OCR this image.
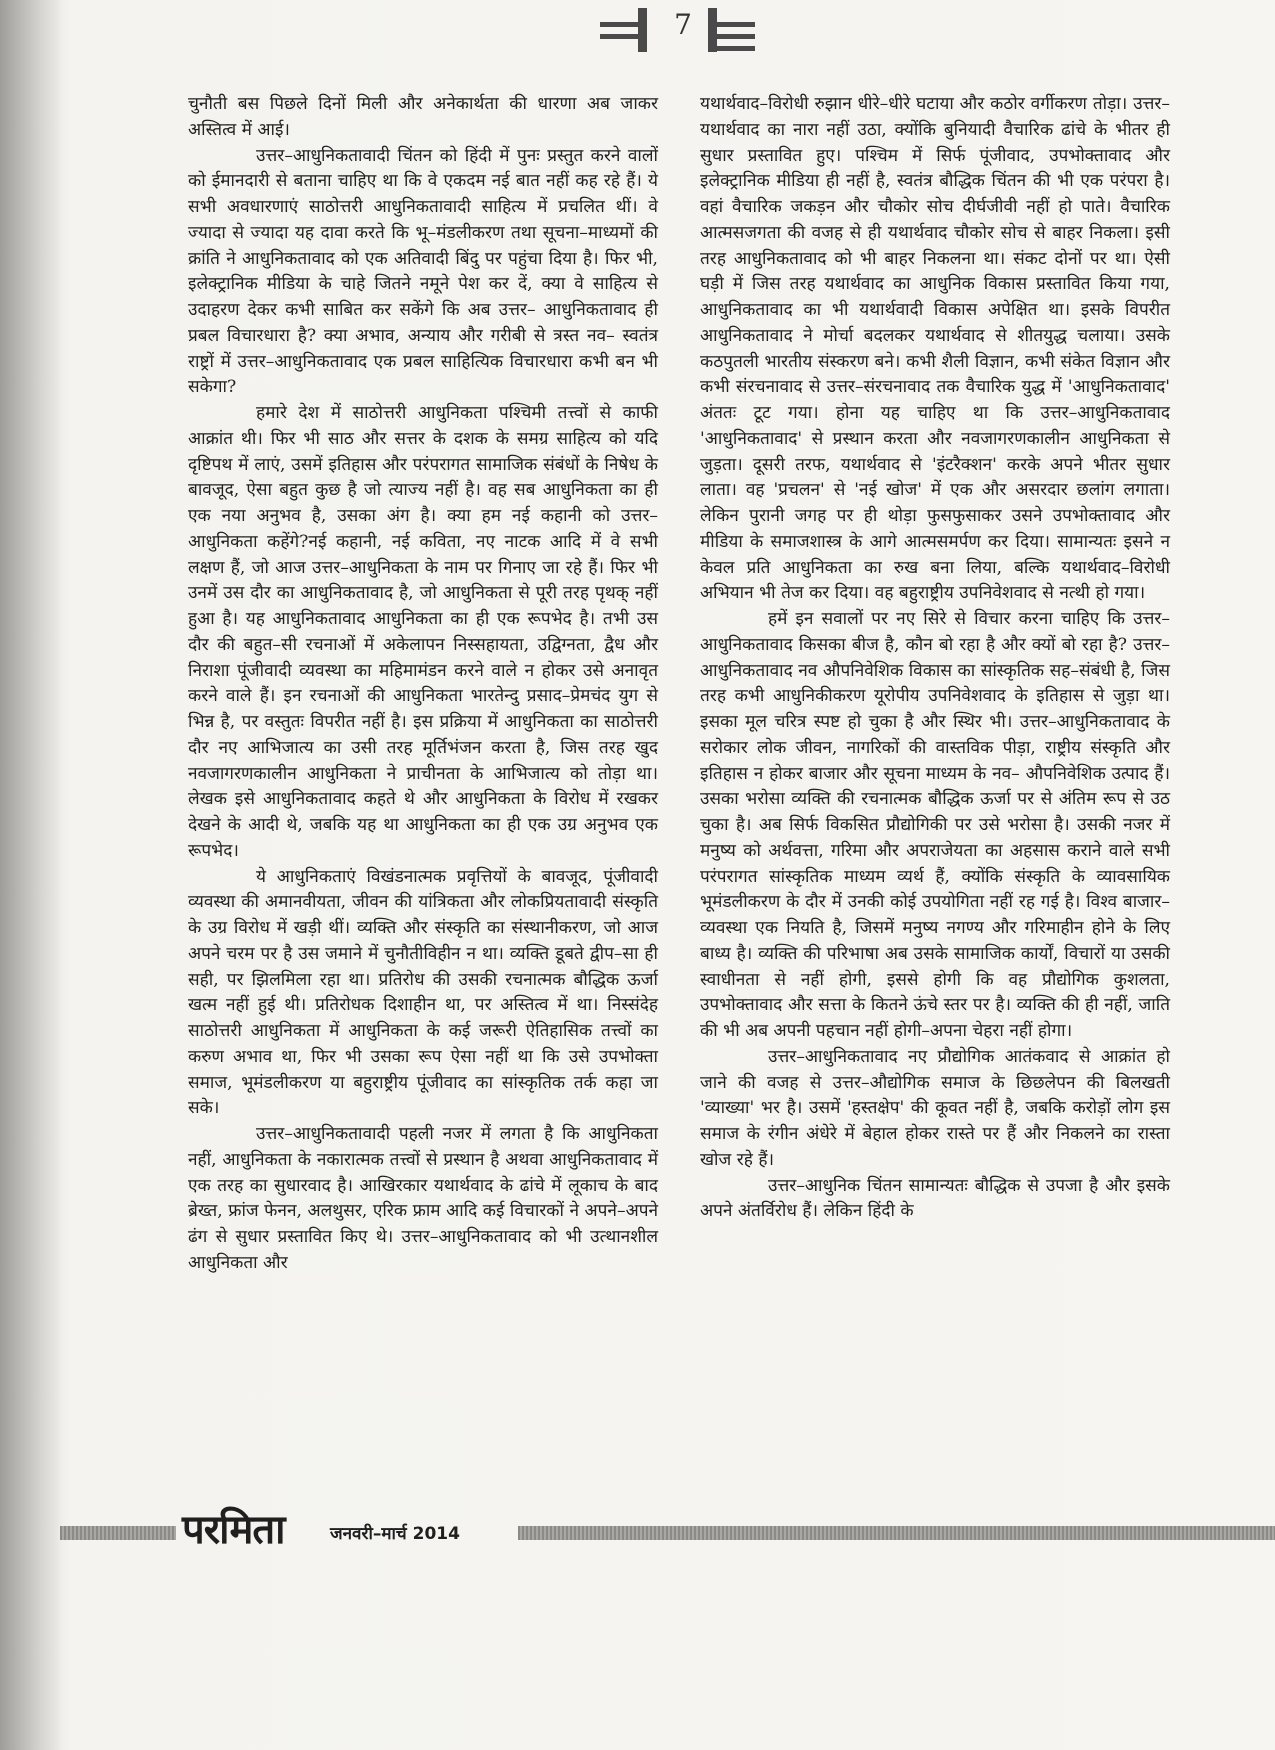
7

चुनौती बस पिछले दिनों मिली और अनेकार्थता की धारणा अब जाकर अस्तित्व में आई।

उत्तर–आधुनिकतावादी चिंतन को हिंदी में पुनः प्रस्तुत करने वालों को ईमानदारी से बताना चाहिए था कि वे एकदम नई बात नहीं कह रहे हैं। ये सभी अवधारणाएं साठोत्तरी आधुनिकतावादी साहित्य में प्रचलित थीं। वे ज्यादा से ज्यादा यह दावा करते कि भू–मंडलीकरण तथा सूचना–माध्यमों की क्रांति ने आधुनिकतावाद को एक अतिवादी बिंदु पर पहुंचा दिया है। फिर भी, इलेक्ट्रानिक मीडिया के चाहे जितने नमूने पेश कर दें, क्या वे साहित्य से उदाहरण देकर कभी साबित कर सकेंगे कि अब उत्तर– आधुनिकतावाद ही प्रबल विचारधारा है? क्या अभाव, अन्याय और गरीबी से त्रस्त नव– स्वतंत्र राष्ट्रों में उत्तर–आधुनिकतावाद एक प्रबल साहित्यिक विचारधारा कभी बन भी सकेगा?

हमारे देश में साठोत्तरी आधुनिकता पश्चिमी तत्त्वों से काफी आक्रांत थी। फिर भी साठ और सत्तर के दशक के समग्र साहित्य को यदि दृष्टिपथ में लाएं, उसमें इतिहास और परंपरागत सामाजिक संबंधों के निषेध के बावजूद, ऐसा बहुत कुछ है जो त्याज्य नहीं है। वह सब आधुनिकता का ही एक नया अनुभव है, उसका अंग है। क्या हम नई कहानी को उत्तर–आधुनिकता कहेंगे?नई कहानी, नई कविता, नए नाटक आदि में वे सभी लक्षण हैं, जो आज उत्तर–आधुनिकता के नाम पर गिनाए जा रहे हैं। फिर भी उनमें उस दौर का आधुनिकतावाद है, जो आधुनिकता से पूरी तरह पृथक् नहीं हुआ है। यह आधुनिकतावाद आधुनिकता का ही एक रूपभेद है। तभी उस दौर की बहुत–सी रचनाओं में अकेलापन निस्सहायता, उद्विग्नता, द्वैध और निराशा पूंजीवादी व्यवस्था का महिमामंडन करने वाले न होकर उसे अनावृत करने वाले हैं। इन रचनाओं की आधुनिकता भारतेन्दु प्रसाद–प्रेमचंद युग से भिन्न है, पर वस्तुतः विपरीत नहीं है। इस प्रक्रिया में आधुनिकता का साठोत्तरी दौर नए आभिजात्य का उसी तरह मूर्तिभंजन करता है, जिस तरह खुद नवजागरणकालीन आधुनिकता ने प्राचीनता के आभिजात्य को तोड़ा था। लेखक इसे आधुनिकतावाद कहते थे और आधुनिकता के विरोध में रखकर देखने के आदी थे, जबकि यह था आधुनिकता का ही एक उग्र अनुभव एक रूपभेद।

ये आधुनिकताएं विखंडनात्मक प्रवृत्तियों के बावजूद, पूंजीवादी व्यवस्था की अमानवीयता, जीवन की यांत्रिकता और लोकप्रियतावादी संस्कृति के उग्र विरोध में खड़ी थीं। व्यक्ति और संस्कृति का संस्थानीकरण, जो आज अपने चरम पर है उस जमाने में चुनौतीविहीन न था। व्यक्ति डूबते द्वीप–सा ही सही, पर झिलमिला रहा था। प्रतिरोध की उसकी रचनात्मक बौद्धिक ऊर्जा खत्म नहीं हुई थी। प्रतिरोधक दिशाहीन था, पर अस्तित्व में था। निस्संदेह साठोत्तरी आधुनिकता में आधुनिकता के कई जरूरी ऐतिहासिक तत्त्वों का करुण अभाव था, फिर भी उसका रूप ऐसा नहीं था कि उसे उपभोक्ता समाज, भूमंडलीकरण या बहुराष्ट्रीय पूंजीवाद का सांस्कृतिक तर्क कहा जा सके।

उत्तर–आधुनिकतावादी पहली नजर में लगता है कि आधुनिकता नहीं, आधुनिकता के नकारात्मक तत्त्वों से प्रस्थान है अथवा आधुनिकतावाद में एक तरह का सुधारवाद है। आखिरकार यथार्थवाद के ढांचे में लूकाच के बाद ब्रेख्त, फ्रांज फेनन, अलथुसर, एरिक फ्राम आदि कई विचारकों ने अपने–अपने ढंग से सुधार प्रस्तावित किए थे। उत्तर–आधुनिकतावाद को भी उत्थानशील आधुनिकता और

यथार्थवाद–विरोधी रुझान धीरे–धीरे घटाया और कठोर वर्गीकरण तोड़ा। उत्तर–यथार्थवाद का नारा नहीं उठा, क्योंकि बुनियादी वैचारिक ढांचे के भीतर ही सुधार प्रस्तावित हुए। पश्चिम में सिर्फ पूंजीवाद, उपभोक्तावाद और इलेक्ट्रानिक मीडिया ही नहीं है, स्वतंत्र बौद्धिक चिंतन की भी एक परंपरा है। वहां वैचारिक जकड़न और चौकोर सोच दीर्घजीवी नहीं हो पाते। वैचारिक आत्मसजगता की वजह से ही यथार्थवाद चौकोर सोच से बाहर निकला। इसी तरह आधुनिकतावाद को भी बाहर निकलना था। संकट दोनों पर था। ऐसी घड़ी में जिस तरह यथार्थवाद का आधुनिक विकास प्रस्तावित किया गया, आधुनिकतावाद का भी यथार्थवादी विकास अपेक्षित था। इसके विपरीत आधुनिकतावाद ने मोर्चा बदलकर यथार्थवाद से शीतयुद्ध चलाया। उसके कठपुतली भारतीय संस्करण बने। कभी शैली विज्ञान, कभी संकेत विज्ञान और कभी संरचनावाद से उत्तर–संरचनावाद तक वैचारिक युद्ध में 'आधुनिकतावाद' अंततः टूट गया। होना यह चाहिए था कि उत्तर–आधुनिकतावाद 'आधुनिकतावाद' से प्रस्थान करता और नवजागरणकालीन आधुनिकता से जुड़ता। दूसरी तरफ, यथार्थवाद से 'इंटरैक्शन' करके अपने भीतर सुधार लाता। वह 'प्रचलन' से 'नई खोज' में एक और असरदार छलांग लगाता। लेकिन पुरानी जगह पर ही थोड़ा फुसफुसाकर उसने उपभोक्तावाद और मीडिया के समाजशास्त्र के आगे आत्मसमर्पण कर दिया। सामान्यतः इसने न केवल प्रति आधुनिकता का रुख बना लिया, बल्कि यथार्थवाद–विरोधी अभियान भी तेज कर दिया। वह बहुराष्ट्रीय उपनिवेशवाद से नत्थी हो गया।

हमें इन सवालों पर नए सिरे से विचार करना चाहिए कि उत्तर–आधुनिकतावाद किसका बीज है, कौन बो रहा है और क्यों बो रहा है? उत्तर–आधुनिकतावाद नव औपनिवेशिक विकास का सांस्कृतिक सह–संबंधी है, जिस तरह कभी आधुनिकीकरण यूरोपीय उपनिवेशवाद के इतिहास से जुड़ा था। इसका मूल चरित्र स्पष्ट हो चुका है और स्थिर भी। उत्तर–आधुनिकतावाद के सरोकार लोक जीवन, नागरिकों की वास्तविक पीड़ा, राष्ट्रीय संस्कृति और इतिहास न होकर बाजार और सूचना माध्यम के नव– औपनिवेशिक उत्पाद हैं। उसका भरोसा व्यक्ति की रचनात्मक बौद्धिक ऊर्जा पर से अंतिम रूप से उठ चुका है। अब सिर्फ विकसित प्रौद्योगिकी पर उसे भरोसा है। उसकी नजर में मनुष्य को अर्थवत्ता, गरिमा और अपराजेयता का अहसास कराने वाले सभी परंपरागत सांस्कृतिक माध्यम व्यर्थ हैं, क्योंकि संस्कृति के व्यावसायिक भूमंडलीकरण के दौर में उनकी कोई उपयोगिता नहीं रह गई है। विश्व बाजार–व्यवस्था एक नियति है, जिसमें मनुष्य नगण्य और गरिमाहीन होने के लिए बाध्य है। व्यक्ति की परिभाषा अब उसके सामाजिक कार्यों, विचारों या उसकी स्वाधीनता से नहीं होगी, इससे होगी कि वह प्रौद्योगिक कुशलता, उपभोक्तावाद और सत्ता के कितने ऊंचे स्तर पर है। व्यक्ति की ही नहीं, जाति की भी अब अपनी पहचान नहीं होगी–अपना चेहरा नहीं होगा।

उत्तर–आधुनिकतावाद नए प्रौद्योगिक आतंकवाद से आक्रांत हो जाने की वजह से उत्तर–औद्योगिक समाज के छिछलेपन की बिलखती 'व्याख्या' भर है। उसमें 'हस्तक्षेप' की कूवत नहीं है, जबकि करोड़ों लोग इस समाज के रंगीन अंधेरे में बेहाल होकर रास्ते पर हैं और निकलने का रास्ता खोज रहे हैं।

उत्तर–आधुनिक चिंतन सामान्यतः बौद्धिक से उपजा है और इसके अपने अंतर्विरोध हैं। लेकिन हिंदी के

परमिता	जनवरी–मार्च 2014
